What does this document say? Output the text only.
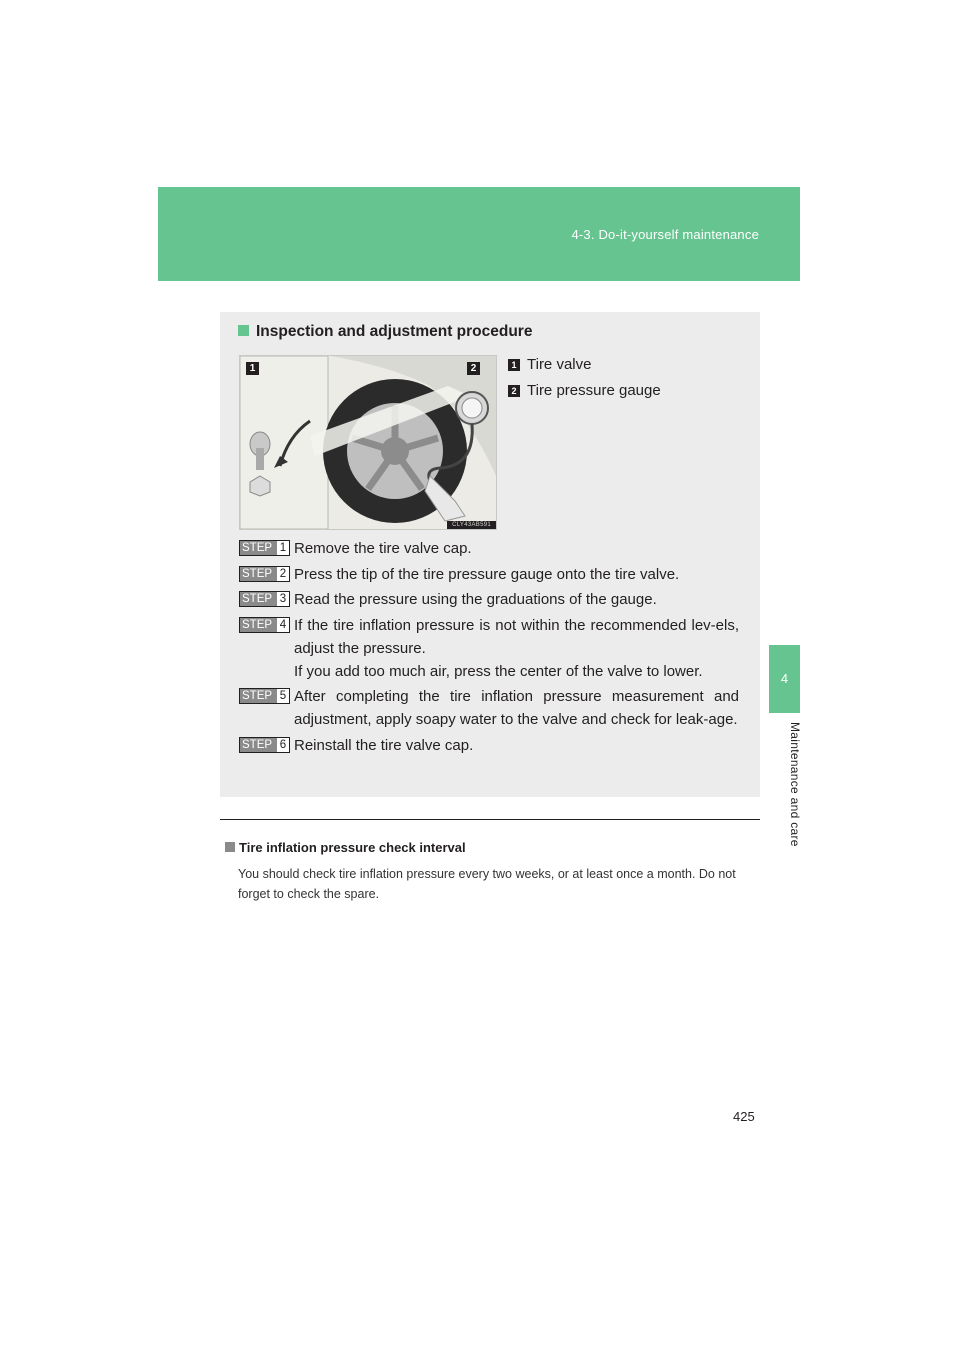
4-3. Do-it-yourself maintenance
4
Maintenance and care
Inspection and adjustment procedure
1	2
CLY43AB591
1 Tire valve
2 Tire pressure gauge
STEP 1 Remove the tire valve cap.
STEP 2 Press the tip of the tire pressure gauge onto the tire valve.
STEP 3 Read the pressure using the graduations of the gauge.
STEP 4 If the tire inflation pressure is not within the recommended lev-els, adjust the pressure.
If you add too much air, press the center of the valve to lower.
STEP 5 After completing the tire inflation pressure measurement and adjustment, apply soapy water to the valve and check for leak-age.
STEP 6 Reinstall the tire valve cap.
Tire inflation pressure check interval
You should check tire inflation pressure every two weeks, or at least once a month. Do not forget to check the spare.
425
